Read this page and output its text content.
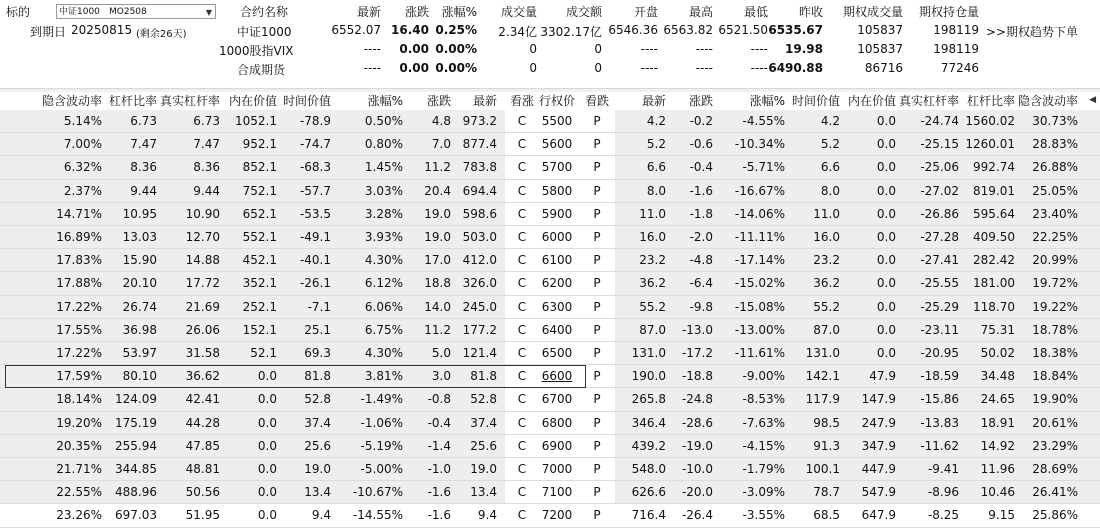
标的	中证1000 MO2508	▼
到期日 20250815 (剩余26天)
合约名称	最新 涨跌 涨幅% 成交量 成交额	开盘	最高	最低	昨收 期权成交量 期权持仓量
中证1000	6552.07 16.40 0.25% 2.34亿 3302.17亿 6546.36 6563.82 6521.50 6535.67	105837	198119
1000股指VIX	---- 0.00 0.00%	0	0	----	----	---- 19.98	105837	198119
合成期货	---- 0.00 0.00%	0	0	----	----	---- 6490.88	86716	77246
>>期权趋势下单
隐含波动率 杠杆比率 真实杠杆率 内在价值 时间价值	涨幅% 涨跌 最新	看涨 行权价 看跌	最新 涨跌	涨幅% 时间价值 内在价值 真实杠杆率 杠杆比率 隐含波动率 ◀
5.14% 6.73	6.73 1052.1 -78.9	0.50% 4.8 973.2	C	5500	P	4.2 -0.2 -4.55%	4.2	0.0 -24.74 1560.02 30.73%
7.00% 7.47	7.47 952.1 -74.7	0.80% 7.0 877.4	C	5600	P	5.2 -0.6 -10.34%	5.2	0.0 -25.15 1260.01 28.83%
6.32% 8.36	8.36 852.1 -68.3	1.45% 11.2 783.8	C	5700	P	6.6 -0.4 -5.71%	6.6	0.0 -25.06 992.74 26.88%
2.37% 9.44	9.44 752.1 -57.7	3.03% 20.4 694.4	C	5800	P	8.0 -1.6 -16.67%	8.0	0.0 -27.02 819.01 25.05%
14.71% 10.95 10.90 652.1 -53.5	3.28% 19.0 598.6	C	5900	P	11.0 -1.8 -14.06% 11.0	0.0 -26.86 595.64 23.40%
16.89% 13.03 12.70 552.1 -49.1	3.93% 19.0 503.0	C	6000	P	16.0 -2.0 -11.11% 16.0	0.0 -27.28 409.50 22.25%
17.83% 15.90 14.88 452.1 -40.1	4.30% 17.0 412.0	C	6100	P	23.2 -4.8 -17.14% 23.2	0.0 -27.41 282.42 20.99%
17.88% 20.10 17.72 352.1 -26.1	6.12% 18.8 326.0	C	6200	P	36.2 -6.4 -15.02% 36.2	0.0 -25.55 181.00 19.72%
17.22% 26.74 21.69 252.1	-7.1	6.06% 14.0 245.0	C	6300	P	55.2 -9.8 -15.08% 55.2	0.0 -25.29 118.70 19.22%
17.55% 36.98 26.06 152.1 25.1	6.75% 11.2 177.2	C	6400	P	87.0 -13.0 -13.00% 87.0	0.0 -23.11 75.31 18.78%
17.22% 53.97 31.58	52.1 69.3	4.30% 5.0 121.4	C	6500	P	131.0 -17.2 -11.61% 131.0	0.0 -20.95 50.02 18.38%
17.59% 80.10 36.62	0.0 81.8	3.81% 3.0 81.8	C	6600	P	190.0 -18.8 -9.00% 142.1 47.9 -18.59 34.48 18.84%
18.14% 124.09 42.41	0.0 52.8 -1.49% -0.8 52.8	C	6700	P	265.8 -24.8 -8.53% 117.9 147.9 -15.86 24.65 19.90%
19.20% 175.19 44.28	0.0 37.4 -1.06% -0.4 37.4	C	6800	P	346.4 -28.6 -7.63% 98.5 247.9 -13.83 18.91 20.61%
20.35% 255.94 47.85	0.0 25.6 -5.19% -1.4 25.6	C	6900	P	439.2 -19.0 -4.15% 91.3 347.9 -11.62 14.92 23.29%
21.71% 344.85 48.81	0.0 19.0 -5.00% -1.0 19.0	C	7000	P	548.0 -10.0 -1.79% 100.1 447.9	-9.41 11.96 28.69%
22.55% 488.96 50.56	0.0 13.4 -10.67% -1.6 13.4	C	7100	P	626.6 -20.0 -3.09% 78.7 547.9	-8.96 10.46 26.41%
23.26% 697.03 51.95	0.0	9.4 -14.55% -1.6 9.4	C	7200	P	716.4 -26.4 -3.55% 68.5 647.9	-8.25 9.15 25.86%
